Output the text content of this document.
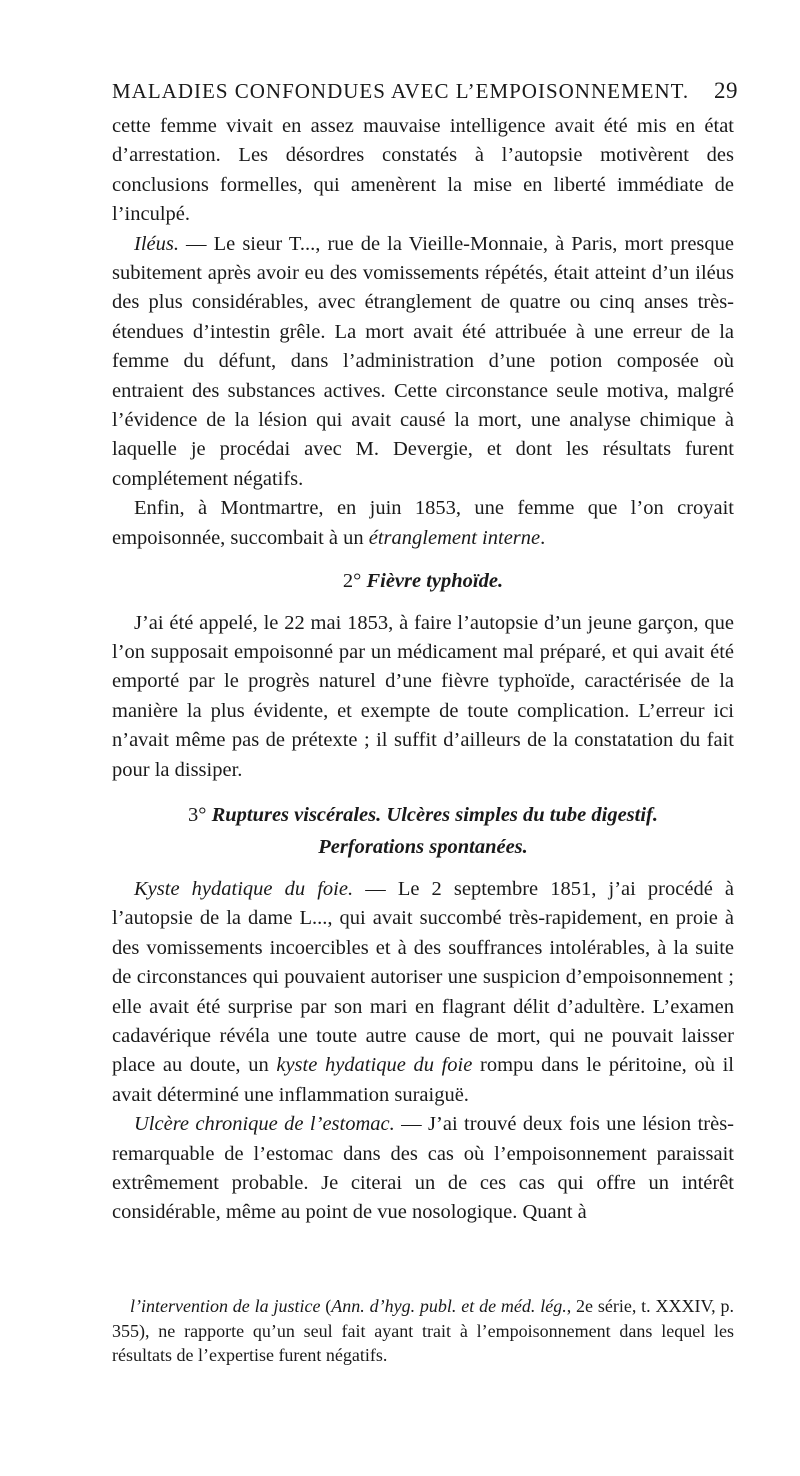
MALADIES CONFONDUES AVEC L’EMPOISONNEMENT. 29

cette femme vivait en assez mauvaise intelligence avait été mis en état d’arrestation. Les désordres constatés à l’autopsie motivèrent des conclusions formelles, qui amenèrent la mise en liberté immédiate de l’inculpé.

Iléus. — Le sieur T..., rue de la Vieille-Monnaie, à Paris, mort presque subitement après avoir eu des vomissements répétés, était atteint d’un iléus des plus considérables, avec étranglement de quatre ou cinq anses très-étendues d’intestin grêle. La mort avait été attribuée à une erreur de la femme du défunt, dans l’administration d’une potion composée où entraient des substances actives. Cette circonstance seule motiva, malgré l’évidence de la lésion qui avait causé la mort, une analyse chimique à laquelle je procédai avec M. Devergie, et dont les résultats furent complétement négatifs.

Enfin, à Montmartre, en juin 1853, une femme que l’on croyait empoisonnée, succombait à un étranglement interne.

2° Fièvre typhoïde.

J’ai été appelé, le 22 mai 1853, à faire l’autopsie d’un jeune garçon, que l’on supposait empoisonné par un médicament mal préparé, et qui avait été emporté par le progrès naturel d’une fièvre typhoïde, caractérisée de la manière la plus évidente, et exempte de toute complication. L’erreur ici n’avait même pas de prétexte ; il suffit d’ailleurs de la constatation du fait pour la dissiper.

3° Ruptures viscérales. Ulcères simples du tube digestif.
Perforations spontanées.

Kyste hydatique du foie. — Le 2 septembre 1851, j’ai procédé à l’autopsie de la dame L..., qui avait succombé très-rapidement, en proie à des vomissements incoercibles et à des souffrances intolérables, à la suite de circonstances qui pouvaient autoriser une suspicion d’empoisonnement ; elle avait été surprise par son mari en flagrant délit d’adultère. L’examen cadavérique révéla une toute autre cause de mort, qui ne pouvait laisser place au doute, un kyste hydatique du foie rompu dans le péritoine, où il avait déterminé une inflammation suraiguë.

Ulcère chronique de l’estomac. — J’ai trouvé deux fois une lésion très-remarquable de l’estomac dans des cas où l’empoisonnement paraissait extrêmement probable. Je citerai un de ces cas qui offre un intérêt considérable, même au point de vue nosologique. Quant à

l’intervention de la justice (Ann. d’hyg. publ. et de méd. lég., 2e série, t. XXXIV, p. 355), ne rapporte qu’un seul fait ayant trait à l’empoisonnement dans lequel les résultats de l’expertise furent négatifs.
